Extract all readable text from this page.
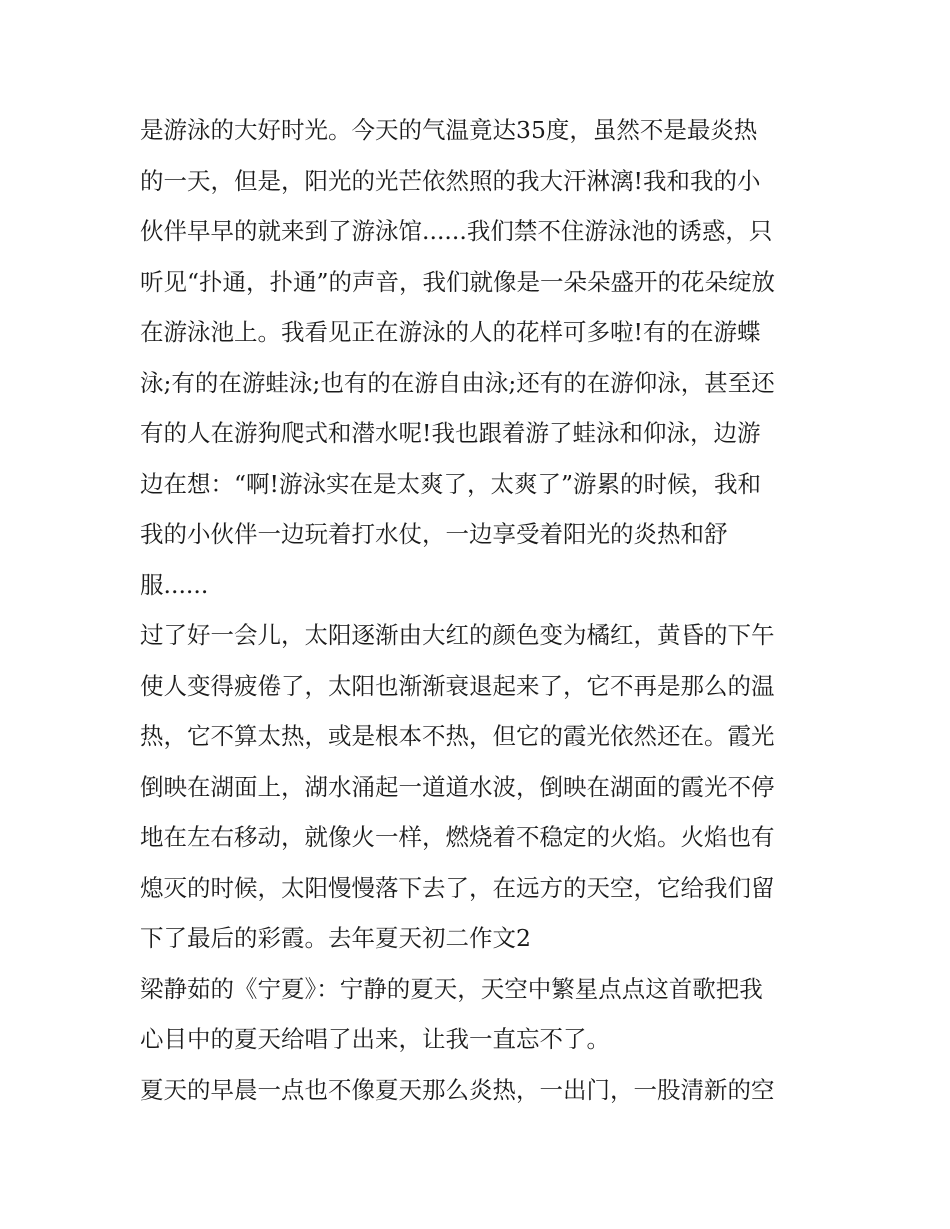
是游泳的大好时光。今天的气温竟达35度，虽然不是最炎热
的一天，但是，阳光的光芒依然照的我大汗淋漓!我和我的小
伙伴早早的就来到了游泳馆......我们禁不住游泳池的诱惑，只
听见“扑通，扑通”的声音，我们就像是一朵朵盛开的花朵绽放
在游泳池上。我看见正在游泳的人的花样可多啦!有的在游蝶
泳;有的在游蛙泳;也有的在游自由泳;还有的在游仰泳，甚至还
有的人在游狗爬式和潜水呢!我也跟着游了蛙泳和仰泳，边游
边在想：“啊!游泳实在是太爽了，太爽了”游累的时候，我和
我的小伙伴一边玩着打水仗，一边享受着阳光的炎热和舒
服......
过了好一会儿，太阳逐渐由大红的颜色变为橘红，黄昏的下午
使人变得疲倦了，太阳也渐渐衰退起来了，它不再是那么的温
热，它不算太热，或是根本不热，但它的霞光依然还在。霞光
倒映在湖面上，湖水涌起一道道水波，倒映在湖面的霞光不停
地在左右移动，就像火一样，燃烧着不稳定的火焰。火焰也有
熄灭的时候，太阳慢慢落下去了，在远方的天空，它给我们留
下了最后的彩霞。去年夏天初二作文2
梁静茹的《宁夏》：宁静的夏天，天空中繁星点点这首歌把我
心目中的夏天给唱了出来，让我一直忘不了。
夏天的早晨一点也不像夏天那么炎热，一出门，一股清新的空
